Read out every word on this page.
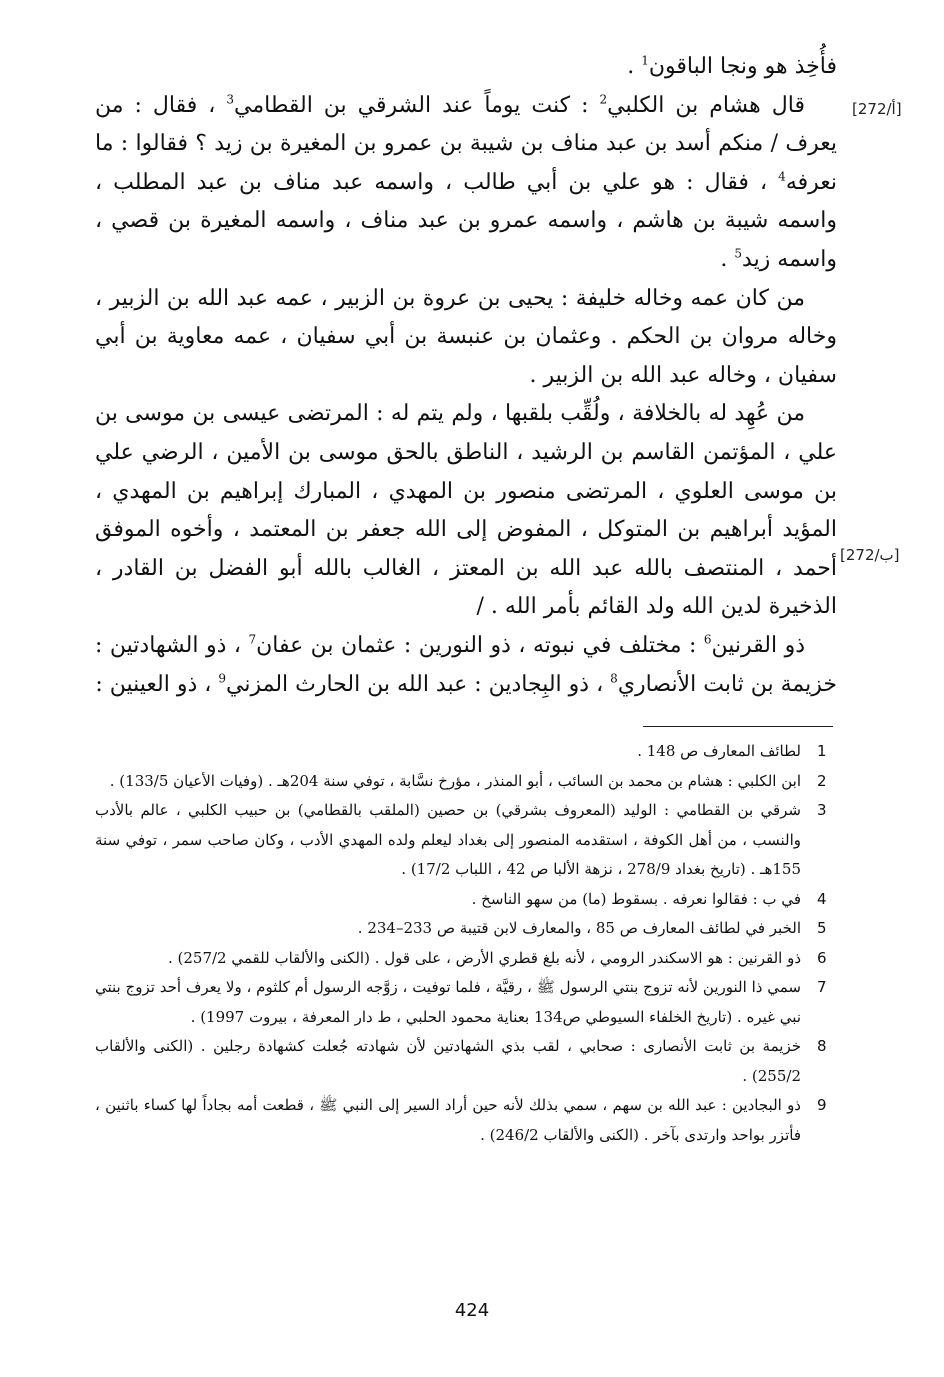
[272/أ]
[272/ب]

فأُخِذ هو ونجا الباقون$^1$ .

قال هشام بن الكلبي$^2$ : كنت يوماً عند الشرقي بن القطامي$^3$ ، فقال : من يعرف / منكم أسد بن عبد مناف بن شيبة بن عمرو بن المغيرة بن زيد ؟ فقالوا : ما نعرفه$^4$ ، فقال : هو علي بن أبي طالب ، واسمه عبد مناف بن عبد المطلب ، واسمه شيبة بن هاشم ، واسمه عمرو بن عبد مناف ، واسمه المغيرة بن قصي ، واسمه زيد$^5$ .

من كان عمه وخاله خليفة : يحيى بن عروة بن الزبير ، عمه عبد الله بن الزبير ، وخاله مروان بن الحكم . وعثمان بن عنبسة بن أبي سفيان ، عمه معاوية بن أبي سفيان ، وخاله عبد الله بن الزبير .

من عُهِد له بالخلافة ، ولُقِّب بلقبها ، ولم يتم له : المرتضى عيسى بن موسى بن علي ، المؤتمن القاسم بن الرشيد ، الناطق بالحق موسى بن الأمين ، الرضي علي بن موسى العلوي ، المرتضى منصور بن المهدي ، المبارك إبراهيم بن المهدي ، المؤيد أبراهيم بن المتوكل ، المفوض إلى الله جعفر بن المعتمد ، وأخوه الموفق أحمد ، المنتصف بالله عبد الله بن المعتز ، الغالب بالله أبو الفضل بن القادر ، الذخيرة لدين الله ولد القائم بأمر الله . /

ذو القرنين$^6$ : مختلف في نبوته ، ذو النورين : عثمان بن عفان$^7$ ، ذو الشهادتين : خزيمة بن ثابت الأنصاري$^8$ ، ذو البِجادين : عبد الله بن الحارث المزني$^9$ ، ذو العينين :

1
لطائف المعارف ص 148 .
2
ابن الكلبي : هشام بن محمد بن السائب ، أبو المنذر ، مؤرخ نسَّابة ، توفي سنة 204هـ . (وفيات الأعيان 133/5) .
3
شرقي بن القطامي : الوليد (المعروف بشرقي) بن حصين (الملقب بالقطامي) بن حبيب الكلبي ، عالم بالأدب والنسب ، من أهل الكوفة ، استقدمه المنصور إلى بغداد ليعلم ولده المهدي الأدب ، وكان صاحب سمر ، توفي سنة 155هـ . (تاريخ بغداد 278/9 ، نزهة الألبا ص 42 ، اللباب 17/2) .
4
في ب : فقالوا نعرفه . بسقوط (ما) من سهو الناسخ .
5
الخبر في لطائف المعارف ص 85 ، والمعارف لابن قتيبة ص 233–234 .
6
ذو القرنين : هو الاسكندر الرومي ، لأنه بلغ قطري الأرض ، على قول . (الكنى والألقاب للقمي 257/2) .
7
سمي ذا النورين لأنه تزوج بنتي الرسول ﷺ ، رقيَّة ، فلما توفيت ، زوَّجه الرسول أم كلثوم ، ولا يعرف أحد تزوج بنتي نبي غيره . (تاريخ الخلفاء السيوطي ص134 بعناية محمود الحلبي ، ط دار المعرفة ، بيروت 1997) .
8
خزيمة بن ثابت الأنصارى : صحابي ، لقب بذي الشهادتين لأن شهادته جُعلت كشهادة رجلين . (الكنى والألقاب 255/2) .
9
ذو البجادين : عبد الله بن سهم ، سمي بذلك لأنه حين أراد السير إلى النبي ﷺ ، قطعت أمه بجاداً لها كساء باثنين ، فأتزر بواحد وارتدى بآخر . (الكنى والألقاب 246/2) .
424
